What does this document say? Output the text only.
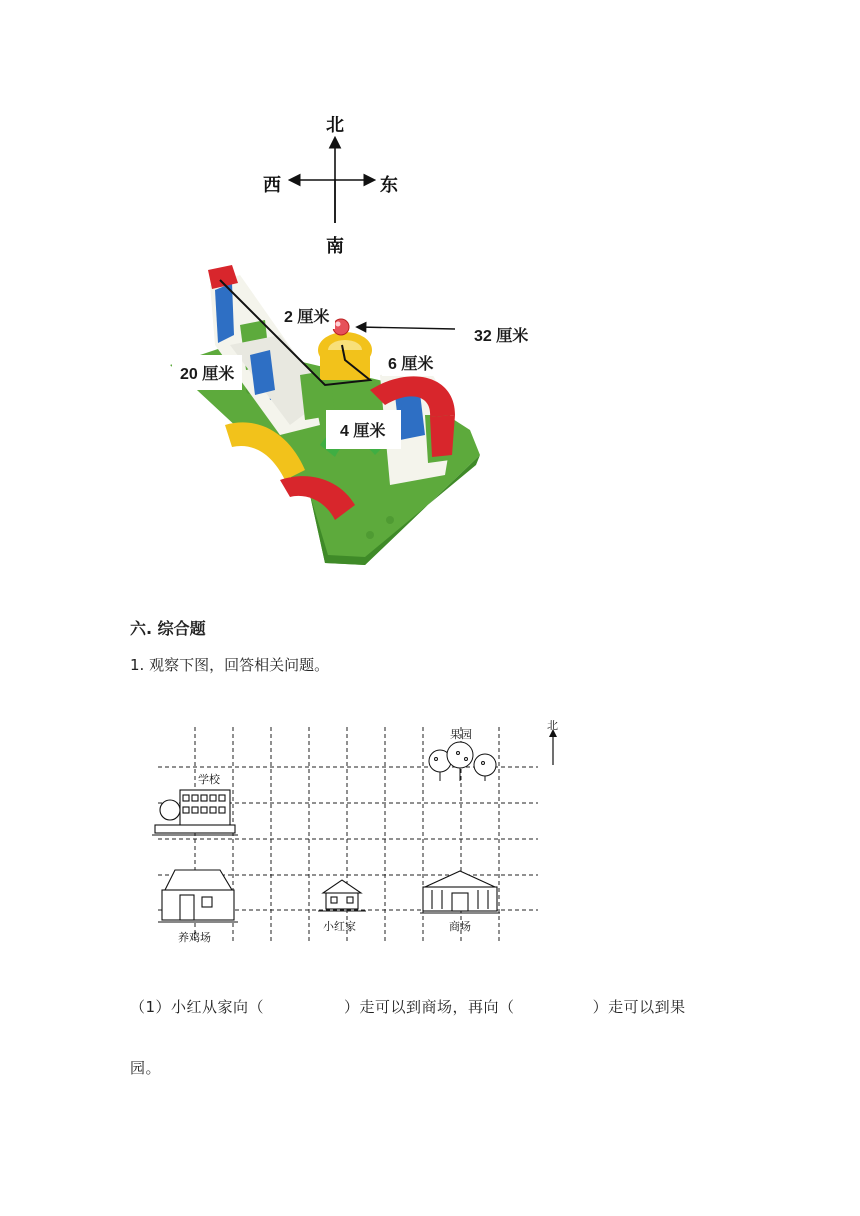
北
南
西	东
2 厘米
32 厘米
6 厘米
20 厘米
4 厘米
六. 综合题
1. 观察下图，回答相关问题。
北
果园
学校
养鸡场
小红家	商场
（1）小红从家向（	）走可以到商场，再向（	）走可以到果
园。
